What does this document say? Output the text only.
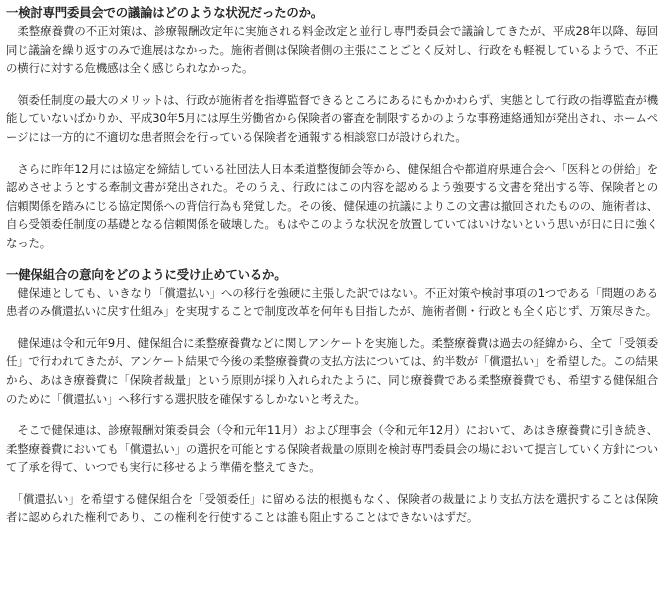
一検討専門委員会での議論はどのような状況だったのか。

　柔整療養費の不正対策は、診療報酬改定年に実施される料金改定と並行し専門委員会で議論してきたが、平成28年以降、毎回同じ議論を繰り返すのみで進展はなかった。施術者側は保険者側の主張にことごとく反対し、行政をも軽視しているようで、不正の横行に対する危機感は全く感じられなかった。

　領委任制度の最大のメリットは、行政が施術者を指導監督できるところにあるにもかかわらず、実態として行政の指導監査が機能していないばかりか、平成30年5月には厚生労働省から保険者の審査を制限するかのような事務連絡通知が発出され、ホームページには一方的に不適切な患者照会を行っている保険者を通報する相談窓口が設けられた。

　さらに昨年12月には協定を締結している社団法人日本柔道整復師会等から、健保組合や都道府県連合会へ「医科との併給」を認めさせようとする牽制文書が発出された。そのうえ、行政にはこの内容を認めるよう強要する文書を発出する等、保険者との信頼関係を踏みにじる協定関係への背信行為も発覚した。その後、健保連の抗議によりこの文書は撤回されたものの、施術者は、自ら受領委任制度の基礎となる信頼関係を破壊した。もはやこのような状況を放置していてはいけないという思いが日に日に強くなった。

一健保組合の意向をどのように受け止めているか。

　健保連としても、いきなり「償還払い」への移行を強硬に主張した訳ではない。不正対策や検討事項の1つである「問題のある患者のみ償還払いに戻す仕組み」を実現することで制度改革を何年も目指したが、施術者側・行政とも全く応じず、万策尽きた。

　健保連は令和元年9月、健保組合に柔整療養費などに関しアンケートを実施した。柔整療養費は過去の経緯から、全て「受領委任」で行われてきたが、アンケート結果で今後の柔整療養費の支払方法については、約半数が「償還払い」を希望した。この結果から、あはき療養費に「保険者裁量」という原則が採り入れられたように、同じ療養費である柔整療養費でも、希望する健保組合のために「償還払い」へ移行する選択肢を確保するしかないと考えた。

　そこで健保連は、診療報酬対策委員会（令和元年11月）および理事会（令和元年12月）において、あはき療養費に引き続き、柔整療養費においても「償還払い」の選択を可能とする保険者裁量の原則を検討専門委員会の場において提言していく方針について了承を得て、いつでも実行に移せるよう準備を整えてきた。

　「償還払い」を希望する健保組合を「受領委任」に留める法的根拠もなく、保険者の裁量により支払方法を選択することは保険者に認められた権利であり、この権利を行使することは誰も阻止することはできないはずだ。
